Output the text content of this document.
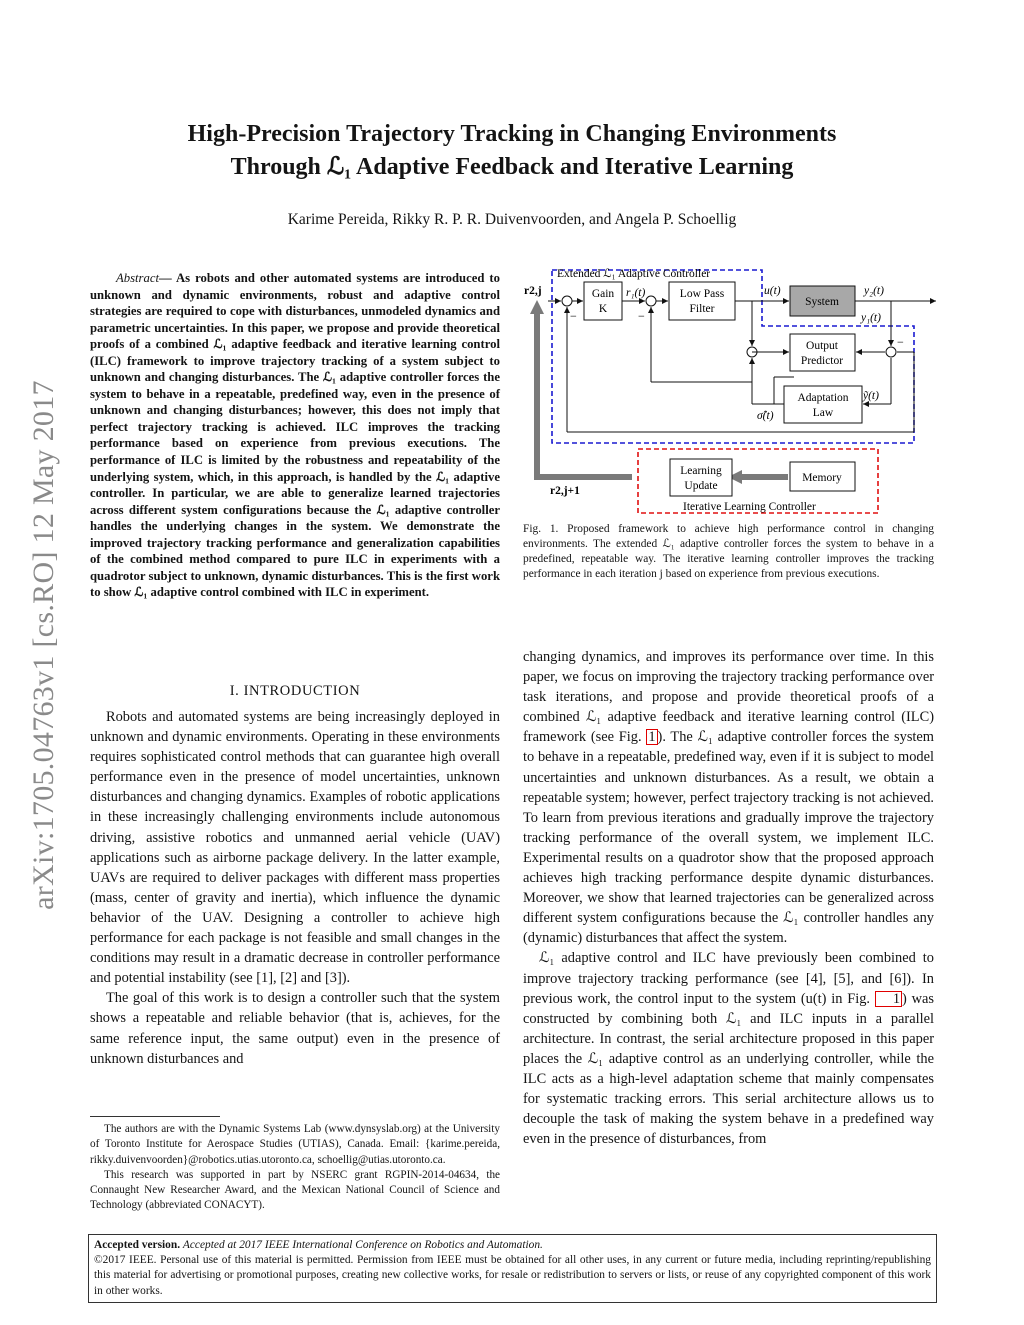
arXiv:1705.04763v1 [cs.RO] 12 May 2017
High-Precision Trajectory Tracking in Changing Environments
Through ℒ₁ Adaptive Feedback and Iterative Learning
Karime Pereida, Rikky R. P. R. Duivenvoorden, and Angela P. Schoellig
Abstract— As robots and other automated systems are introduced to unknown and dynamic environments, robust and adaptive control strategies are required to cope with disturbances, unmodeled dynamics and parametric uncertainties. In this paper, we propose and provide theoretical proofs of a combined ℒ₁ adaptive feedback and iterative learning control (ILC) framework to improve trajectory tracking of a system subject to unknown and changing disturbances. The ℒ₁ adaptive controller forces the system to behave in a repeatable, predefined way, even in the presence of unknown and changing disturbances; however, this does not imply that perfect trajectory tracking is achieved. ILC improves the tracking performance based on experience from previous executions. The performance of ILC is limited by the robustness and repeatability of the underlying system, which, in this approach, is handled by the ℒ₁ adaptive controller. In particular, we are able to generalize learned trajectories across different system configurations because the ℒ₁ adaptive controller handles the underlying changes in the system. We demonstrate the improved trajectory tracking performance and generalization capabilities of the combined method compared to pure ILC in experiments with a quadrotor subject to unknown, dynamic disturbances. This is the first work to show ℒ₁ adaptive control combined with ILC in experiment.
I. INTRODUCTION

Robots and automated systems are being increasingly deployed in unknown and dynamic environments. Operating in these environments requires sophisticated control methods that can guarantee high overall performance even in the presence of model uncertainties, unknown disturbances and changing dynamics. Examples of robotic applications in these increasingly challenging environments include autonomous driving, assistive robotics and unmanned aerial vehicle (UAV) applications such as airborne package delivery. In the latter example, UAVs are required to deliver packages with different mass properties (mass, center of gravity and inertia), which influence the dynamic behavior of the UAV. Designing a controller to achieve high performance for each package is not feasible and small changes in the conditions may result in a dramatic decrease in controller performance and potential instability (see [1], [2] and [3]).

The goal of this work is to design a controller such that the system shows a repeatable and reliable behavior (that is, achieves, for the same reference input, the same output) even in the presence of unknown disturbances and

The authors are with the Dynamic Systems Lab (www.dynsyslab.org) at the University of Toronto Institute for Aerospace Studies (UTIAS), Canada. Email: {karime.pereida, rikky.duivenvoorden}@robotics.utias.utoronto.ca, schoellig@utias.utoronto.ca.

This research was supported in part by NSERC grant RGPIN-2014-04634, the Connaught New Researcher Award, and the Mexican National Council of Science and Technology (abbreviated CONACYT).

Extended ℒ₁ Adaptive Controller
Iterative Learning Controller
Gain
K
Low Pass
Filter
System
Output
Predictor
Adaptation
Law
Learning
Update
Memory
r2,j
r2,j+1
r₁(t)	u(t)	y₂(t)
y₁(t)
ỹ(t)
σ̂(t)
−	−
−
Fig. 1. Proposed framework to achieve high performance control in changing environments. The extended ℒ₁ adaptive controller forces the system to behave in a predefined, repeatable way. The iterative learning controller improves the tracking performance in each iteration j based on experience from previous executions.

changing dynamics, and improves its performance over time. In this paper, we focus on improving the trajectory tracking performance over task iterations, and propose and provide theoretical proofs of a combined ℒ₁ adaptive feedback and iterative learning control (ILC) framework (see Fig. 1 ). The ℒ₁ adaptive controller forces the system to behave in a repeatable, predefined way, even if it is subject to model uncertainties and unknown disturbances. As a result, we obtain a repeatable system; however, perfect trajectory tracking is not achieved. To learn from previous iterations and gradually improve the trajectory tracking performance of the overall system, we implement ILC. Experimental results on a quadrotor show that the proposed approach achieves high tracking performance despite dynamic disturbances. Moreover, we show that learned trajectories can be generalized across different system configurations because the ℒ₁ controller handles any (dynamic) disturbances that affect the system.

ℒ₁ adaptive control and ILC have previously been combined to improve trajectory tracking performance (see [4], [5], and [6]). In previous work, the control input to the system (u(t) in Fig. 1 ) was constructed by combining both ℒ₁ and ILC inputs in a parallel architecture. In contrast, the serial architecture proposed in this paper places the ℒ₁ adaptive control as an underlying controller, while the ILC acts as a high-level adaptation scheme that mainly compensates for systematic tracking errors. This serial architecture allows us to decouple the task of making the system behave in a predefined way even in the presence of disturbances, from

Accepted version. Accepted at 2017 IEEE International Conference on Robotics and Automation.
©2017 IEEE. Personal use of this material is permitted. Permission from IEEE must be obtained for all other uses, in any current or future media, including reprinting/republishing this material for advertising or promotional purposes, creating new collective works, for resale or redistribution to servers or lists, or reuse of any copyrighted component of this work in other works.
